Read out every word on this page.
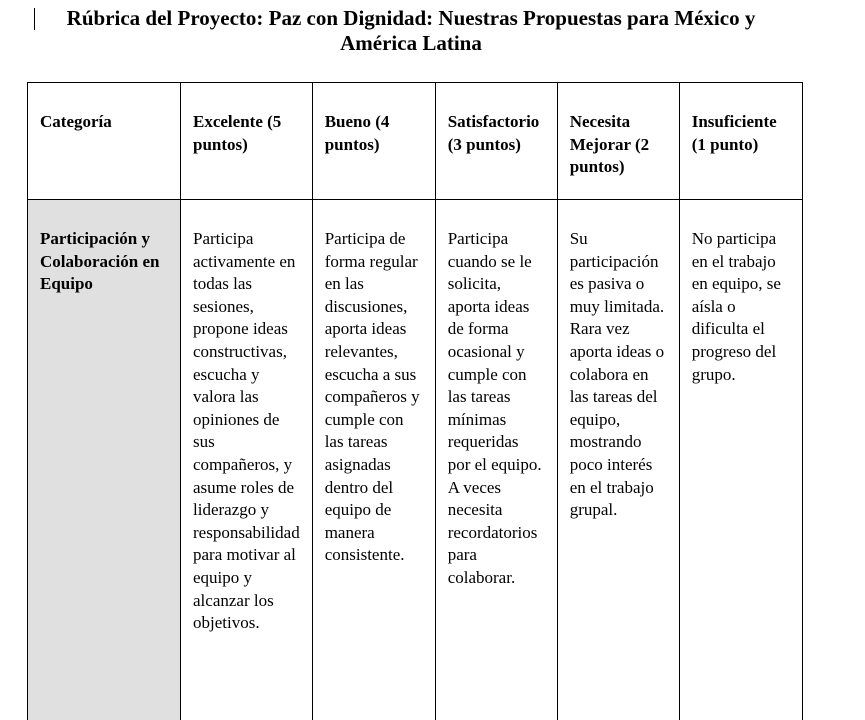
Rúbrica del Proyecto: Paz con Dignidad: Nuestras Propuestas para México y América Latina
Categoría	Excelente (5 puntos)	Bueno (4 puntos)	Satisfactorio (3 puntos)	Necesita Mejorar (2 puntos)	Insuficiente (1 punto)
Participación y Colaboración en Equipo	Participa activamente en todas las sesiones, propone ideas constructivas, escucha y valora las opiniones de sus compañeros, y asume roles de liderazgo y responsabilidad para motivar al equipo y alcanzar los objetivos.	Participa de forma regular en las discusiones, aporta ideas relevantes, escucha a sus compañeros y cumple con las tareas asignadas dentro del equipo de manera consistente.	Participa cuando se le solicita, aporta ideas de forma ocasional y cumple con las tareas mínimas requeridas por el equipo. A veces necesita recordatorios para colaborar.	Su participación es pasiva o muy limitada. Rara vez aporta ideas o colabora en las tareas del equipo, mostrando poco interés en el trabajo grupal.	No participa en el trabajo en equipo, se aísla o dificulta el progreso del grupo.
